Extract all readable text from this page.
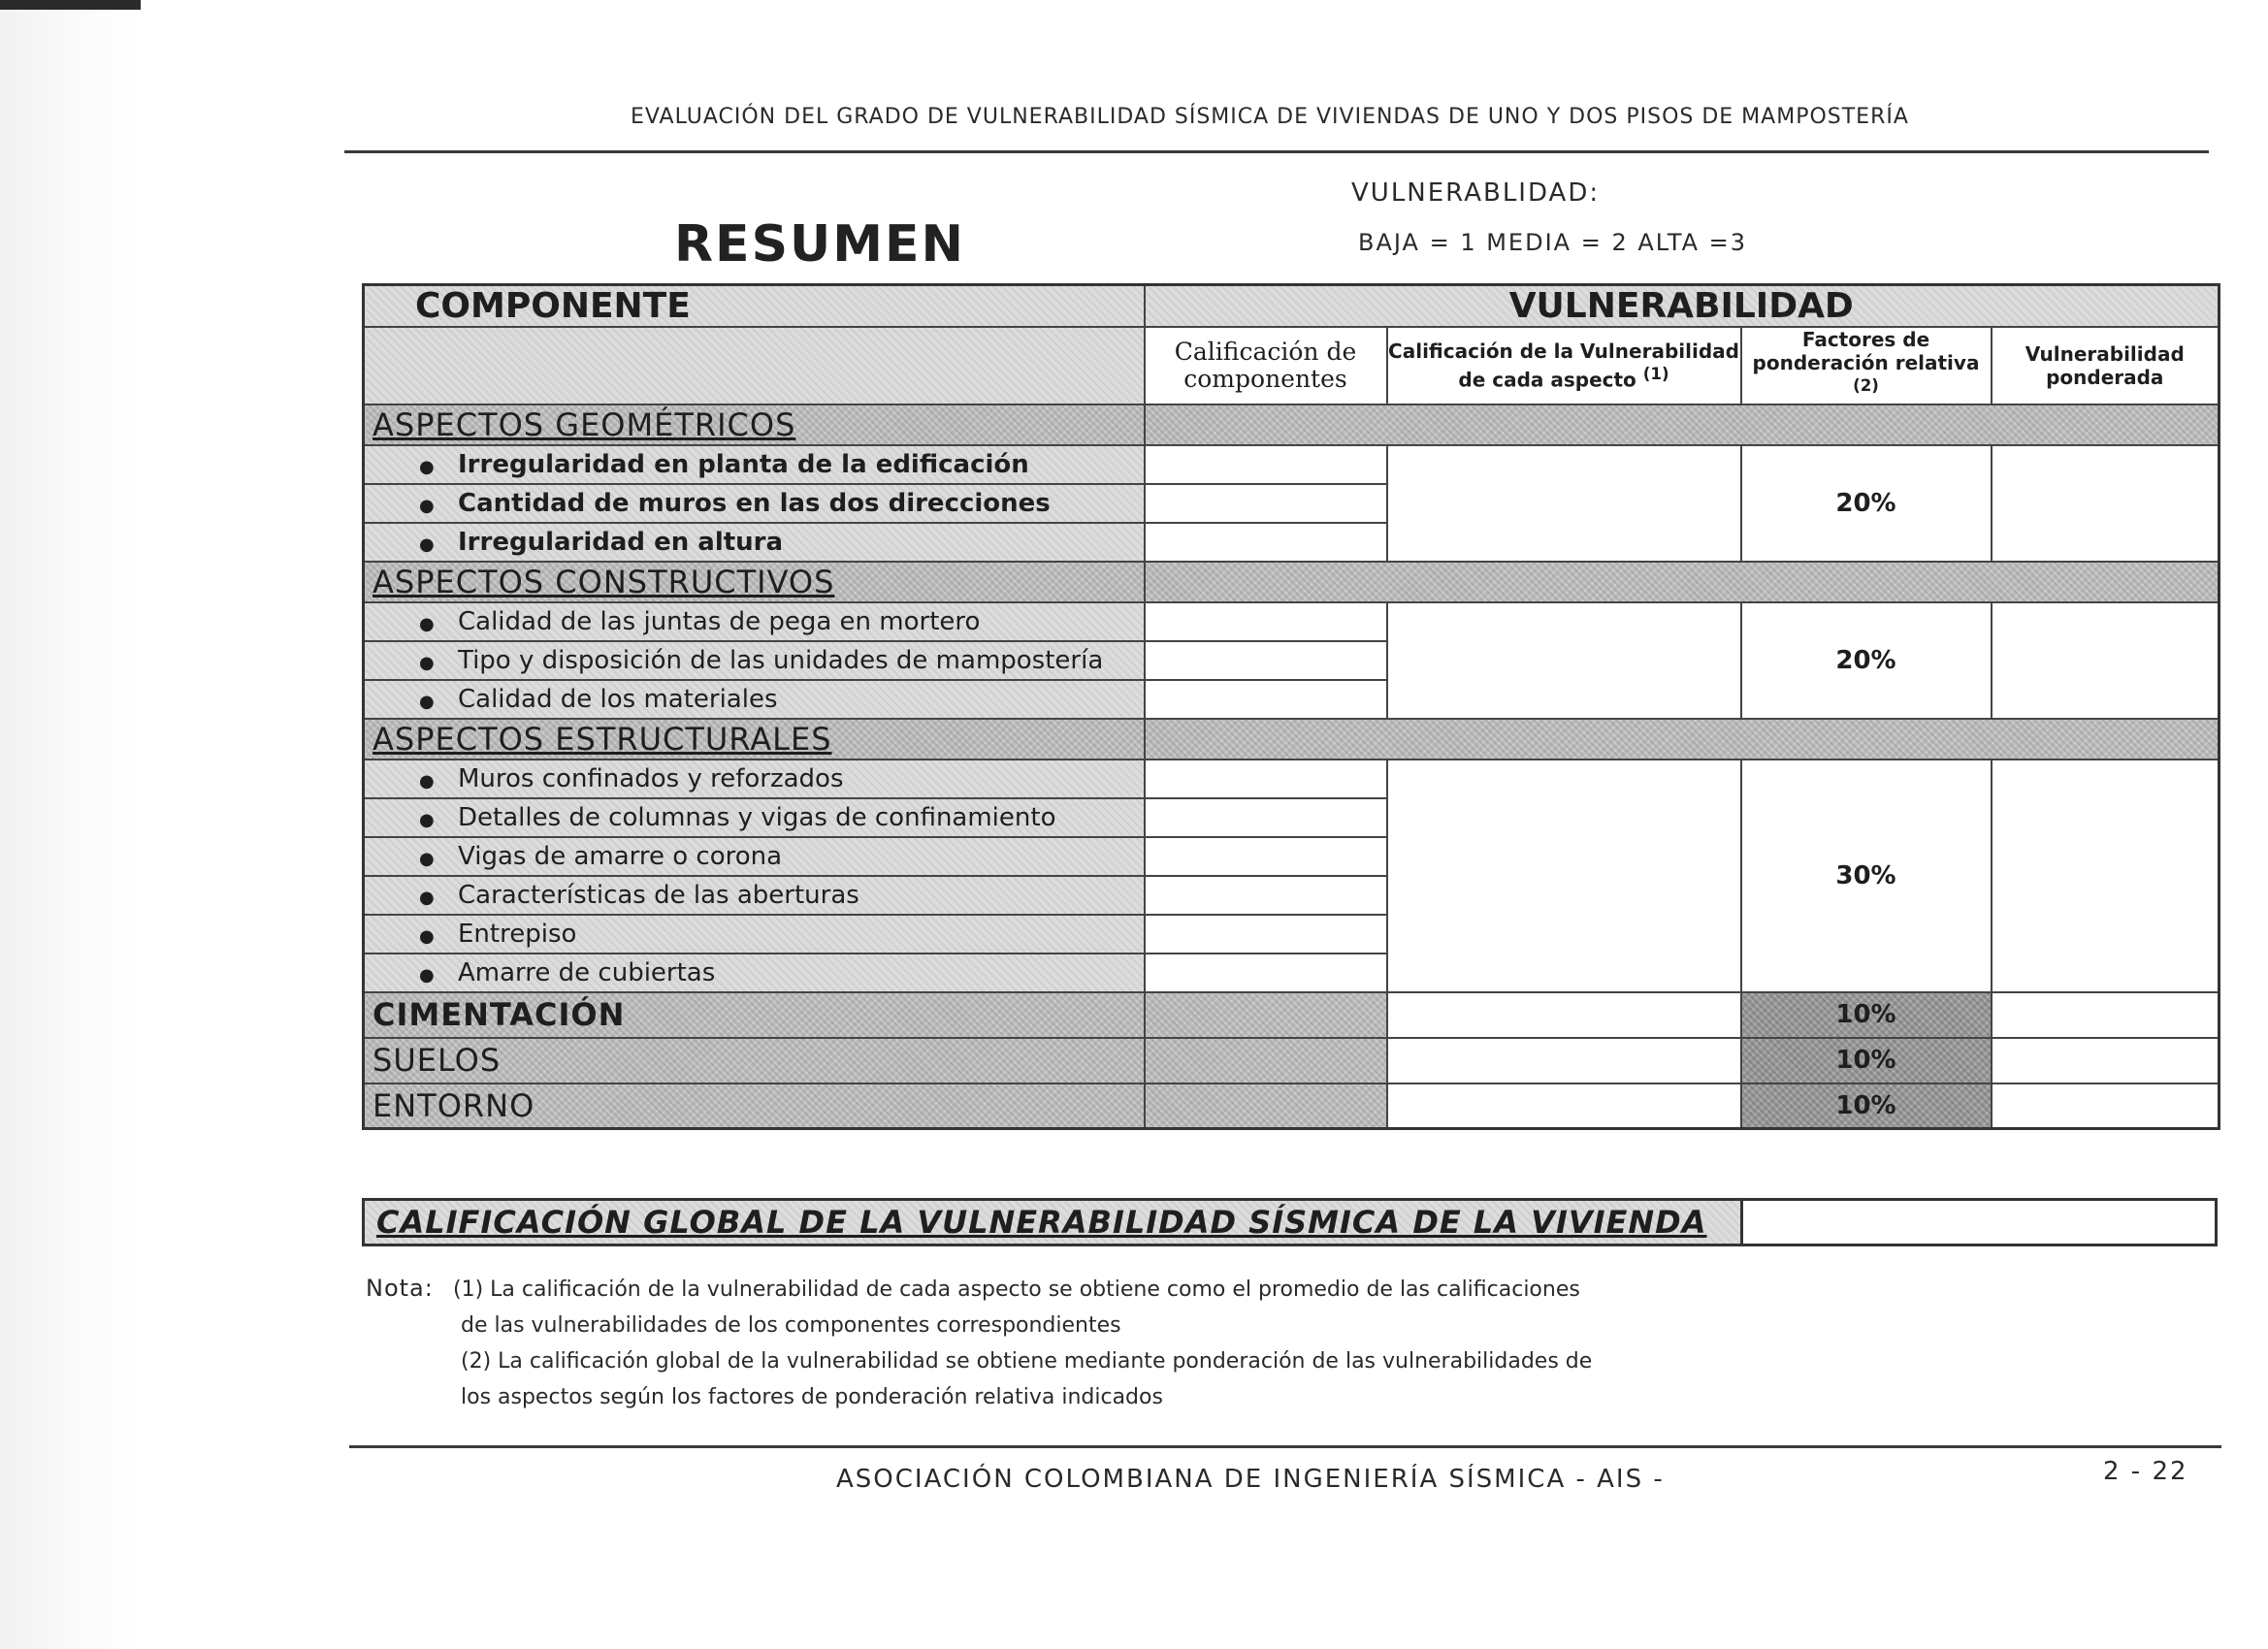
EVALUACIÓN DEL GRADO DE VULNERABILIDAD SÍSMICA DE VIVIENDAS DE UNO Y DOS PISOS DE MAMPOSTERÍA
VULNERABLIDAD:
BAJA = 1 MEDIA = 2 ALTA =3
RESUMEN
COMPONENTE	VULNERABILIDAD			
	Calificación de componentes	Calificación de la Vulnerabilidad de cada aspecto $^{(1)}$	Factores de ponderación relativa $^{(2)}$	Vulnerabilidad ponderada
ASPECTOS GEOMÉTRICOS				
● Irregularidad en planta de la edificación			20%	
● Cantidad de muros en las dos direcciones				
● Irregularidad en altura				
ASPECTOS CONSTRUCTIVOS				
● Calidad de las juntas de pega en mortero			20%	
● Tipo y disposición de las unidades de mampostería				
● Calidad de los materiales				
ASPECTOS ESTRUCTURALES				
● Muros confinados y reforzados			30%	
● Detalles de columnas y vigas de confinamiento				
● Vigas de amarre o corona				
● Características de las aberturas				
● Entrepiso				
● Amarre de cubiertas				
CIMENTACIÓN			10%	
SUELOS			10%	
ENTORNO			10%	
CALIFICACIÓN GLOBAL DE LA VULNERABILIDAD SÍSMICA DE LA VIVIENDA
Nota: (1) La calificación de la vulnerabilidad de cada aspecto se obtiene como el promedio de las calificaciones
de las vulnerabilidades de los componentes correspondientes
(2) La calificación global de la vulnerabilidad se obtiene mediante ponderación de las vulnerabilidades de
los aspectos según los factores de ponderación relativa indicados
ASOCIACIÓN COLOMBIANA DE INGENIERÍA SÍSMICA - AIS -	2 - 22
